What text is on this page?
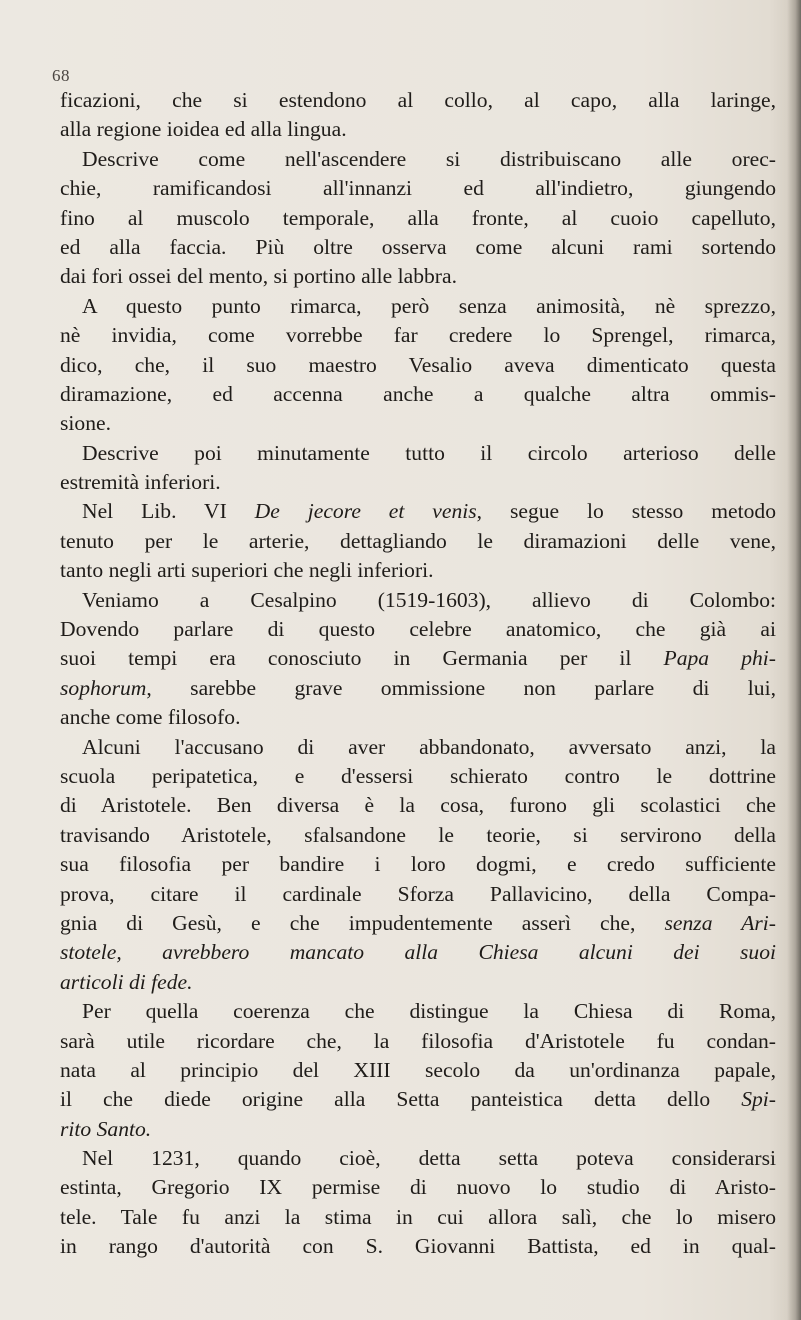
68
ficazioni, che si estendono al collo, al capo, alla laringe,
alla regione ioidea ed alla lingua.
Descrive come nell'ascendere si distribuiscano alle orec-
chie, ramificandosi all'innanzi ed all'indietro, giungendo
fino al muscolo temporale, alla fronte, al cuoio capelluto,
ed alla faccia. Più oltre osserva come alcuni rami sortendo
dai fori ossei del mento, si portino alle labbra.
A questo punto rimarca, però senza animosità, nè sprezzo,
nè invidia, come vorrebbe far credere lo Sprengel, rimarca,
dico, che, il suo maestro Vesalio aveva dimenticato questa
diramazione, ed accenna anche a qualche altra ommis-
sione.
Descrive poi minutamente tutto il circolo arterioso delle
estremità inferiori.
Nel Lib. VI De jecore et venis, segue lo stesso metodo
tenuto per le arterie, dettagliando le diramazioni delle vene,
tanto negli arti superiori che negli inferiori.
Veniamo a Cesalpino (1519-1603), allievo di Colombo:
Dovendo parlare di questo celebre anatomico, che già ai
suoi tempi era conosciuto in Germania per il Papa phi-
sophorum, sarebbe grave ommissione non parlare di lui,
anche come filosofo.
Alcuni l'accusano di aver abbandonato, avversato anzi, la
scuola peripatetica, e d'essersi schierato contro le dottrine
di Aristotele. Ben diversa è la cosa, furono gli scolastici che
travisando Aristotele, sfalsandone le teorie, si servirono della
sua filosofia per bandire i loro dogmi, e credo sufficiente
prova, citare il cardinale Sforza Pallavicino, della Compa-
gnia di Gesù, e che impudentemente asserì che, senza Ari-
stotele, avrebbero mancato alla Chiesa alcuni dei suoi
articoli di fede.
Per quella coerenza che distingue la Chiesa di Roma,
sarà utile ricordare che, la filosofia d'Aristotele fu condan-
nata al principio del XIII secolo da un'ordinanza papale,
il che diede origine alla Setta panteistica detta dello Spi-
rito Santo.
Nel 1231, quando cioè, detta setta poteva considerarsi
estinta, Gregorio IX permise di nuovo lo studio di Aristo-
tele. Tale fu anzi la stima in cui allora salì, che lo misero
in rango d'autorità con S. Giovanni Battista, ed in qual-
